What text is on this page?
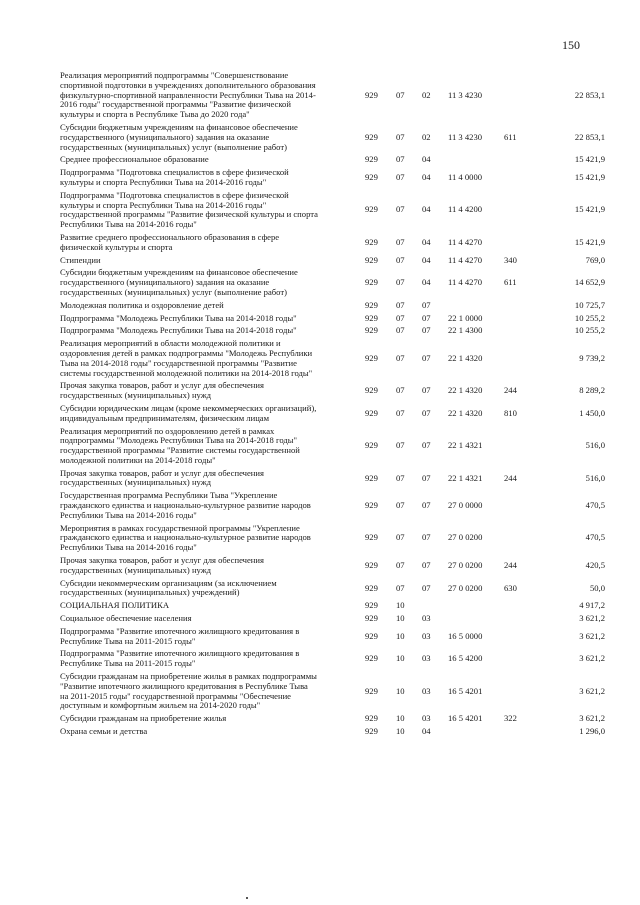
150
Реализация мероприятий подпрограммы "Совершенствование
спортивной подготовки в учреждениях дополнительного образования
физкультурно-спортивной направленности Республики Тыва на 2014-
2016 годы" государственной программы "Развитие физической
культуры и спорта в Республике Тыва до 2020 года"	929	07	02	11 3 4230		22 853,1

Субсидии бюджетным учреждениям на финансовое обеспечение
государственного (муниципального) задания на оказание
государственных (муниципальных) услуг (выполнение работ)	929	07	02	11 3 4230	611	22 853,1

Среднее профессиональное образование	929	07	04			15 421,9

Подпрограмма "Подготовка специалистов в сфере физической
культуры и спорта Республики Тыва на 2014-2016 годы"	929	07	04	11 4 0000		15 421,9

Подпрограмма "Подготовка специалистов в сфере физической
культуры и спорта Республики Тыва на 2014-2016 годы"
государственной программы "Развитие физической культуры и спорта
Республики Тыва на 2014-2016 годы"	929	07	04	11 4 4200		15 421,9

Развитие среднего профессионального образования в сфере
физической культуры и спорта	929	07	04	11 4 4270		15 421,9

Стипендии	929	07	04	11 4 4270	340	769,0

Субсидии бюджетным учреждениям на финансовое обеспечение
государственного (муниципального) задания на оказание
государственных (муниципальных) услуг (выполнение работ)	929	07	04	11 4 4270	611	14 652,9

Молодежная политика и оздоровление детей	929	07	07			10 725,7

Подпрограмма "Молодежь Республики Тыва на 2014-2018 годы"	929	07	07	22 1 0000		10 255,2

Подпрограмма "Молодежь Республики Тыва на 2014-2018 годы"	929	07	07	22 1 4300		10 255,2

Реализация мероприятий в области молодежной политики и
оздоровления детей в рамках подпрограммы "Молодежь Республики
Тыва на 2014-2018 годы" государственной программы "Развитие
системы государственной молодежной политики на 2014-2018 годы"	929	07	07	22 1 4320		9 739,2

Прочая закупка товаров, работ и услуг для обеспечения
государственных (муниципальных) нужд	929	07	07	22 1 4320	244	8 289,2

Субсидии юридическим лицам (кроме некоммерческих организаций),
индивидуальным предпринимателям, физическим лицам	929	07	07	22 1 4320	810	1 450,0

Реализация мероприятий по оздоровлению детей в рамках
подпрограммы "Молодежь Республики Тыва на 2014-2018 годы"
государственной программы "Развитие системы государственной
молодежной политики на 2014-2018 годы"	929	07	07	22 1 4321		516,0

Прочая закупка товаров, работ и услуг для обеспечения
государственных (муниципальных) нужд	929	07	07	22 1 4321	244	516,0

Государственная программа Республики Тыва "Укрепление
гражданского единства и национально-культурное развитие народов
Республики Тыва на 2014-2016 годы"	929	07	07	27 0 0000		470,5

Мероприятия в рамках государственной программы "Укрепление
гражданского единства и национально-культурное развитие народов
Республики Тыва на 2014-2016 годы"	929	07	07	27 0 0200		470,5

Прочая закупка товаров, работ и услуг для обеспечения
государственных (муниципальных) нужд	929	07	07	27 0 0200	244	420,5

Субсидии некоммерческим организациям (за исключением
государственных (муниципальных) учреждений)	929	07	07	27 0 0200	630	50,0

СОЦИАЛЬНАЯ ПОЛИТИКА	929	10				4 917,2

Социальное обеспечение населения	929	10	03			3 621,2

Подпрограмма "Развитие ипотечного жилищного кредитования в
Республике Тыва на 2011-2015 годы"	929	10	03	16 5 0000		3 621,2

Подпрограмма "Развитие ипотечного жилищного кредитования в
Республике Тыва на 2011-2015 годы"	929	10	03	16 5 4200		3 621,2

Субсидии гражданам на приобретение жилья в рамках подпрограммы
"Развитие ипотечного жилищного кредитования в Республике Тыва
на 2011-2015 годы" государственной программы "Обеспечение
доступным и комфортным жильем на 2014-2020 годы"	929	10	03	16 5 4201		3 621,2

Субсидии гражданам на приобретение жилья	929	10	03	16 5 4201	322	3 621,2

Охрана семьи и детства	929	10	04			1 296,0
